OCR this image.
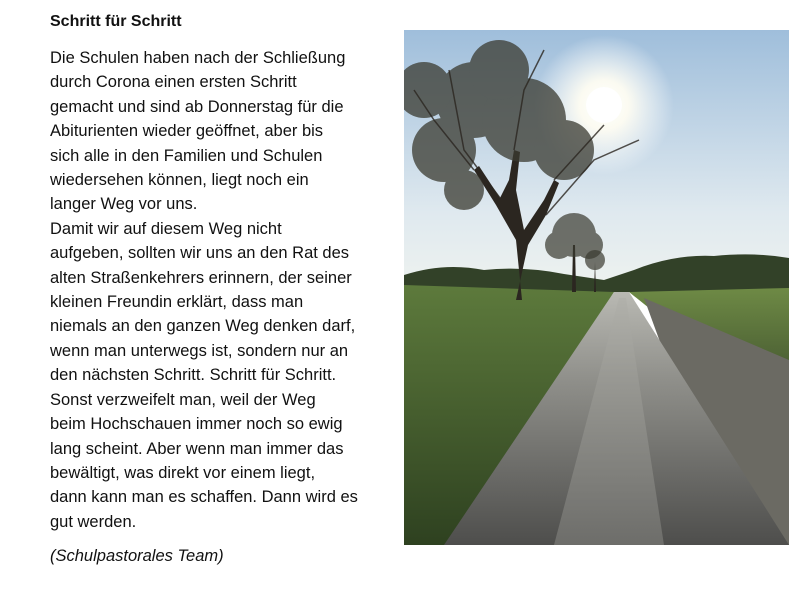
Schritt für Schritt
Die Schulen haben nach der Schließung
durch Corona einen ersten Schritt
gemacht und sind ab Donnerstag für die
Abiturienten wieder geöffnet, aber bis
sich alle in den Familien und Schulen
wiedersehen können, liegt noch ein
langer Weg vor uns.
Damit wir auf diesem Weg nicht
aufgeben, sollten wir uns an den Rat des
alten Straßenkehrers erinnern, der seiner
kleinen Freundin erklärt, dass man
niemals an den ganzen Weg denken darf,
wenn man unterwegs ist, sondern nur an
den nächsten Schritt. Schritt für Schritt.
Sonst verzweifelt man, weil der Weg
beim Hochschauen immer noch so ewig
lang scheint. Aber wenn man immer das
bewältigt, was direkt vor einem liegt,
dann kann man es schaffen. Dann wird es
gut werden.
(Schulpastorales Team)
